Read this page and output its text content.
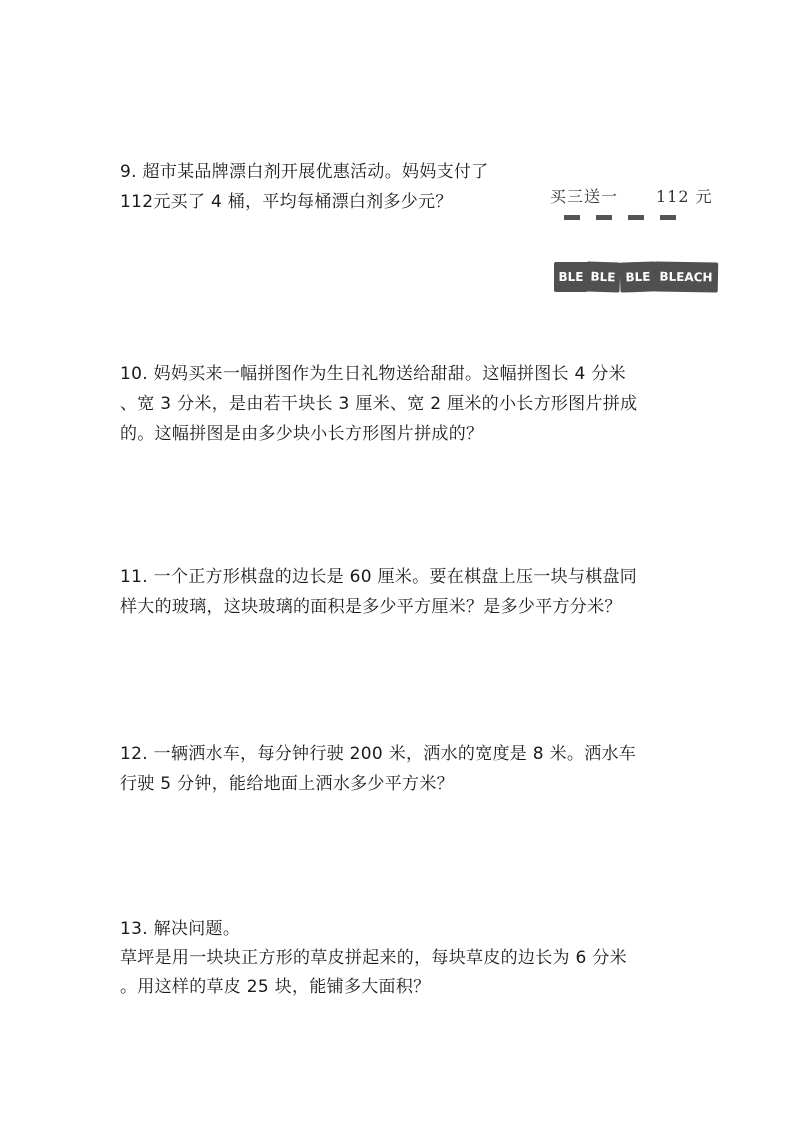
9. 超市某品牌漂白剂开展优惠活动。妈妈支付了
112元买了 4 桶，平均每桶漂白剂多少元？	买三送一 112 元
BLE BLE BLE BLEACH
10. 妈妈买来一幅拼图作为生日礼物送给甜甜。这幅拼图长 4 分米
、宽 3 分米，是由若干块长 3 厘米、宽 2 厘米的小长方形图片拼成
的。这幅拼图是由多少块小长方形图片拼成的？
11. 一个正方形棋盘的边长是 60 厘米。要在棋盘上压一块与棋盘同
样大的玻璃，这块玻璃的面积是多少平方厘米？是多少平方分米？
12. 一辆洒水车，每分钟行驶 200 米，洒水的宽度是 8 米。洒水车
行驶 5 分钟，能给地面上洒水多少平方米？
13. 解决问题。
草坪是用一块块正方形的草皮拼起来的，每块草皮的边长为 6 分米
。用这样的草皮 25 块，能铺多大面积？
